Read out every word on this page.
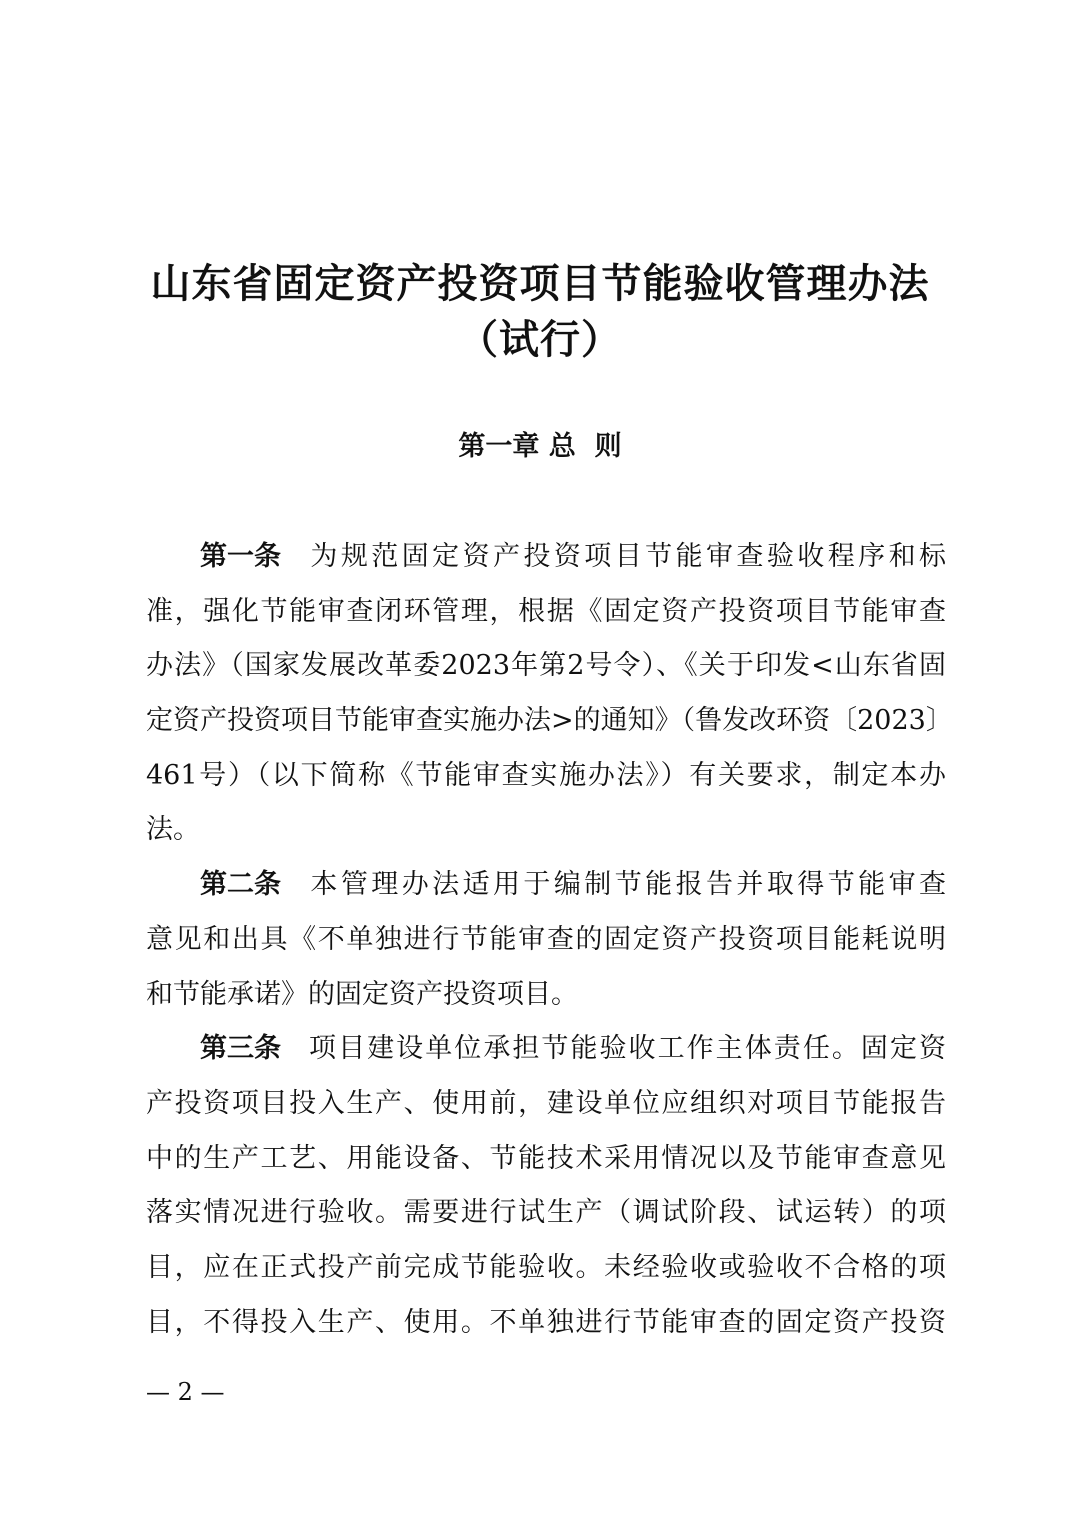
山东省固定资产投资项目节能验收管理办法
（试行）
第一章 总  则
第一条 为规范固定资产投资项目节能审查验收程序和标
准，强化节能审查闭环管理，根据《固定资产投资项目节能审查
办法》（国家发展改革委2023年第2号令）、《关于印发<山东省固
定资产投资项目节能审查实施办法>的通知》（鲁发改环资〔2023〕
461号）（以下简称《节能审查实施办法》）有关要求，制定本办
法。
第二条 本管理办法适用于编制节能报告并取得节能审查
意见和出具《不单独进行节能审查的固定资产投资项目能耗说明
和节能承诺》的固定资产投资项目。
第三条 项目建设单位承担节能验收工作主体责任。固定资
产投资项目投入生产、使用前，建设单位应组织对项目节能报告
中的生产工艺、用能设备、节能技术采用情况以及节能审查意见
落实情况进行验收。需要进行试生产（调试阶段、试运转）的项
目，应在正式投产前完成节能验收。未经验收或验收不合格的项
目，不得投入生产、使用。不单独进行节能审查的固定资产投资
— 2 —
